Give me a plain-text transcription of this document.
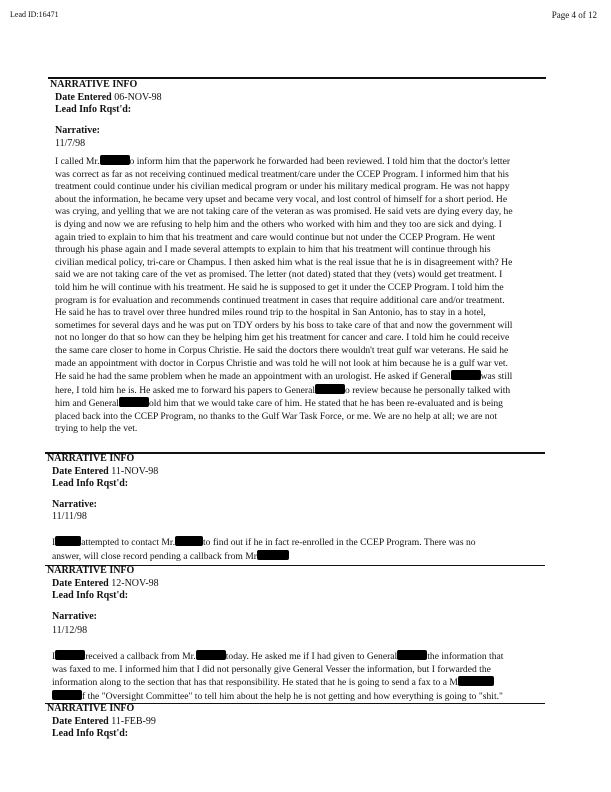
Lead ID:16471	Page 4 of 12
NARRATIVE INFO
Date Entered 06-NOV-98
Lead Info Rqst'd:
Narrative:
11/7/98
I called Mr.	o inform him that the paperwork he forwarded had been reviewed. I told him that the doctor's letter
was correct as far as not receiving continued medical treatment/care under the CCEP Program. I informed him that his
treatment could continue under his civilian medical program or under his military medical program. He was not happy
about the information, he became very upset and became very vocal, and lost control of himself for a short period. He
was crying, and yelling that we are not taking care of the veteran as was promised. He said vets are dying every day, he
is dying and now we are refusing to help him and the others who worked with him and they too are sick and dying. I
again tried to explain to him that his treatment and care would continue but not under the CCEP Program. He went
through his phase again and I made several attempts to explain to him that his treatment will continue through his
civilian medical policy, tri-care or Champus. I then asked him what is the real issue that he is in disagreement with? He
said we are not taking care of the vet as promised. The letter (not dated) stated that they (vets) would get treatment. I
told him he will continue with his treatment. He said he is supposed to get it under the CCEP Program. I told him the
program is for evaluation and recommends continued treatment in cases that require additional care and/or treatment.
He said he has to travel over three hundred miles round trip to the hospital in San Antonio, has to stay in a hotel,
sometimes for several days and he was put on TDY orders by his boss to take care of that and now the government will
not no longer do that so how can they be helping him get his treatment for cancer and care. I told him he could receive
the same care closer to home in Corpus Christie. He said the doctors there wouldn't treat gulf war veterans. He said he
made an appointment with doctor in Corpus Christie and was told he will not look at him because he is a gulf war vet.
He said he had the same problem when he made an appointment with an urologist. He asked if General	was still
here, I told him he is. He asked me to forward his papers to General	o review because he personally talked with
him and General	old him that we would take care of him. He stated that he has been re-evaluated and is being
placed back into the CCEP Program, no thanks to the Gulf War Task Force, or me. We are no help at all; we are not
trying to help the vet.
NARRATIVE INFO
Date Entered 11-NOV-98
Lead Info Rqst'd:
Narrative:
11/11/98
I	attempted to contact Mr.	to find out if he in fact re-enrolled in the CCEP Program. There was no
answer, will close record pending a callback from Mr
NARRATIVE INFO
Date Entered 12-NOV-98
Lead Info Rqst'd:
Narrative:
11/12/98
I	received a callback from Mr.	today. He asked me if I had given to General	the information that
was faxed to me. I informed him that I did not personally give General Vesser the information, but I forwarded the
information along to the section that has that responsibility. He stated that he is going to send a fax to a M
f the "Oversight Committee" to tell him about the help he is not getting and how everything is going to "shit."
NARRATIVE INFO
Date Entered 11-FEB-99
Lead Info Rqst'd:
